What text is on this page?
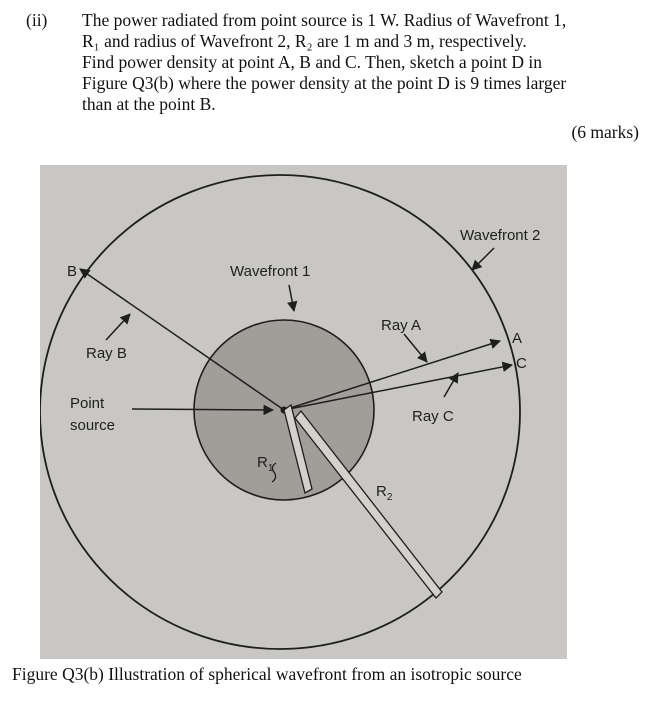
(ii) The power radiated from point source is 1 W. Radius of Wavefront 1,
R₁ and radius of Wavefront 2, R₂ are 1 m and 3 m, respectively.
Find power density at point A, B and C. Then, sketch a point D in
Figure Q3(b) where the power density at the point D is 9 times larger
than at the point B.
(6 marks)
Wavefront 2
Wavefront 1
B
Ray B
Ray A
A
C
Ray C
Point
source
$R_1$
$R_2$
Figure Q3(b) Illustration of spherical wavefront from an isotropic source
